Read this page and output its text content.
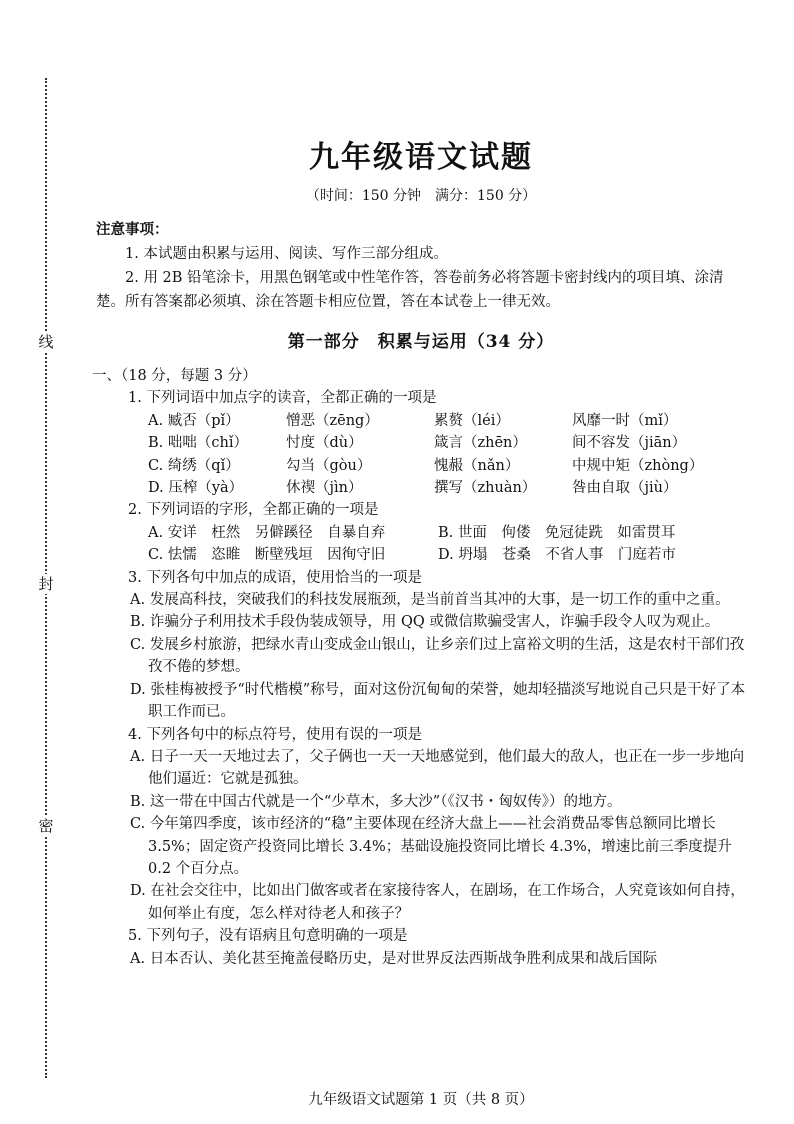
线
封
密
九年级语文试题
（时间：150 分钟　满分：150 分）
注意事项：
1. 本试题由积累与运用、阅读、写作三部分组成。
2. 用 2B 铅笔涂卡，用黑色钢笔或中性笔作答，答卷前务必将答题卡密封线内的项目填、涂清楚。所有答案都必须填、涂在答题卡相应位置，答在本试卷上一律无效。
第一部分　积累与运用（34 分）
一、（18 分，每题 3 分）
1. 下列词语中加点字的读音，全都正确的一项是
A. 臧否（pǐ）	憎恶（zēng）	累赘（léi）	风靡一时（mǐ）
B. 咄咄（chǐ）	忖度（dù）	箴言（zhēn）	间不容发（jiān）
C. 绮绣（qǐ）	勾当（gòu）	愧赧（nǎn）	中规中矩（zhòng）
D. 压榨（yà）	休禊（jìn）	撰写（zhuàn）	咎由自取（jiù）
2. 下列词语的字形，全都正确的一项是
A. 安详　枉然　另僻蹊径　自暴自弃	B. 世面　佝偻　免冠徒跣　如雷贯耳
C. 怯懦　恣睢　断壁残垣　因徇守旧	D. 坍塌　苍桑　不省人事　门庭若市
3. 下列各句中加点的成语，使用恰当的一项是
A. 发展高科技，突破我们的科技发展瓶颈，是当前首当其冲的大事，是一切工作的重中之重。
B. 诈骗分子利用技术手段伪装成领导，用 QQ 或微信欺骗受害人，诈骗手段令人叹为观止。
C. 发展乡村旅游，把绿水青山变成金山银山，让乡亲们过上富裕文明的生活，这是农村干部们孜孜不倦的梦想。
D. 张桂梅被授予“时代楷模”称号，面对这份沉甸甸的荣誉，她却轻描淡写地说自己只是干好了本职工作而已。
4. 下列各句中的标点符号，使用有误的一项是
A. 日子一天一天地过去了，父子俩也一天一天地感觉到，他们最大的敌人，也正在一步一步地向他们逼近：它就是孤独。
B. 这一带在中国古代就是一个“少草木，多大沙”（《汉书・匈奴传》）的地方。
C. 今年第四季度，该市经济的“稳”主要体现在经济大盘上——社会消费品零售总额同比增长 3.5%；固定资产投资同比增长 3.4%；基础设施投资同比增长 4.3%，增速比前三季度提升 0.2 个百分点。
D. 在社会交往中，比如出门做客或者在家接待客人，在剧场，在工作场合，人究竟该如何自持，如何举止有度，怎么样对待老人和孩子？
5. 下列句子，没有语病且句意明确的一项是
A. 日本否认、美化甚至掩盖侵略历史，是对世界反法西斯战争胜利成果和战后国际
九年级语文试题第 1 页（共 8 页）
